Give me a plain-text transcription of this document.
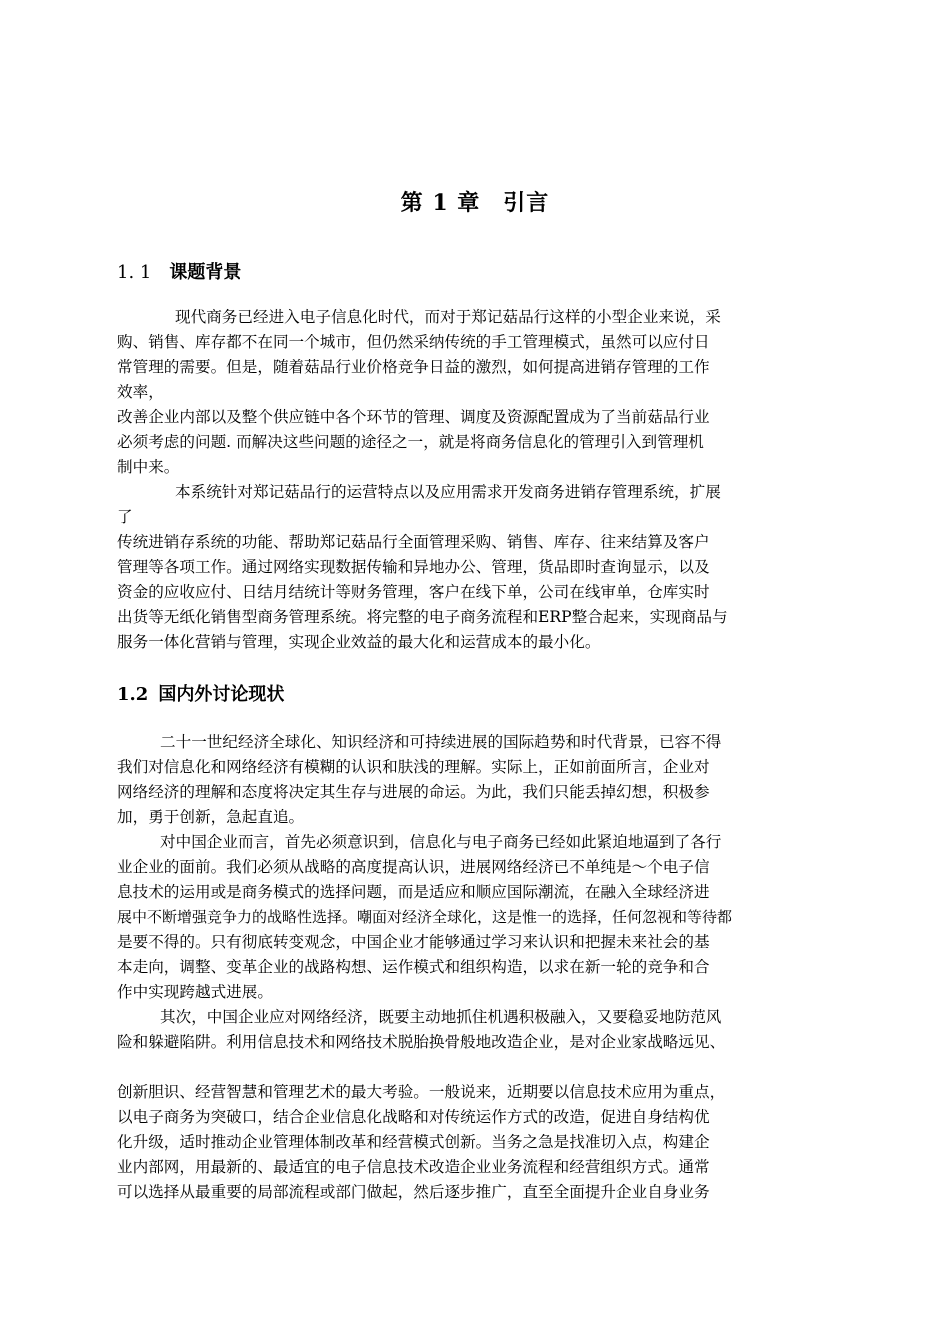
第 1 章　引言
1. 1 课题背景
现代商务已经进入电子信息化时代，而对于郑记菇品行这样的小型企业来说，采
购、销售、库存都不在同一个城市，但仍然采纳传统的手工管理模式，虽然可以应付日
常管理的需要。但是，随着菇品行业价格竞争日益的激烈，如何提高进销存管理的工作
效率，
改善企业内部以及整个供应链中各个环节的管理、调度及资源配置成为了当前菇品行业
必须考虑的问题. 而解决这些问题的途径之一，就是将商务信息化的管理引入到管理机
制中来。
本系统针对郑记菇品行的运营特点以及应用需求开发商务进销存管理系统，扩展
了
传统进销存系统的功能、帮助郑记菇品行全面管理采购、销售、库存、往来结算及客户
管理等各项工作。通过网络实现数据传输和异地办公、管理，货品即时查询显示，以及
资金的应收应付、日结月结统计等财务管理，客户在线下单，公司在线审单，仓库实时
出货等无纸化销售型商务管理系统。将完整的电子商务流程和ERP整合起来，实现商品与
服务一体化营销与管理，实现企业效益的最大化和运营成本的最小化。
1.2 国内外讨论现状
二十一世纪经济全球化、知识经济和可持续进展的国际趋势和时代背景，已容不得
我们对信息化和网络经济有模糊的认识和肤浅的理解。实际上，正如前面所言，企业对
网络经济的理解和态度将决定其生存与进展的命运。为此，我们只能丢掉幻想，积极参
加，勇于创新，急起直追。
对中国企业而言，首先必须意识到，信息化与电子商务已经如此紧迫地逼到了各行
业企业的面前。我们必须从战略的高度提高认识，进展网络经济已不单纯是～个电子信
息技术的运用或是商务模式的选择问题，而是适应和顺应国际潮流，在融入全球经济进
展中不断增强竞争力的战略性选择。嘲面对经济全球化，这是惟一的选择，任何忽视和等待都
是要不得的。只有彻底转变观念，中国企业才能够通过学习来认识和把握未来社会的基
本走向，调整、变革企业的战路构想、运作模式和组织构造，以求在新一轮的竞争和合
作中实现跨越式进展。
其次，中国企业应对网络经济，既要主动地抓住机遇积极融入，又要稳妥地防范风
险和躲避陷阱。利用信息技术和网络技术脱胎换骨般地改造企业，是对企业家战略远见、
创新胆识、经营智慧和管理艺术的最大考验。一般说来，近期要以信息技术应用为重点，
以电子商务为突破口，结合企业信息化战略和对传统运作方式的改造，促进自身结构优
化升级，适时推动企业管理体制改革和经营模式创新。当务之急是找准切入点，构建企
业内部网，用最新的、最适宜的电子信息技术改造企业业务流程和经营组织方式。通常
可以选择从最重要的局部流程或部门做起，然后逐步推广，直至全面提升企业自身业务
